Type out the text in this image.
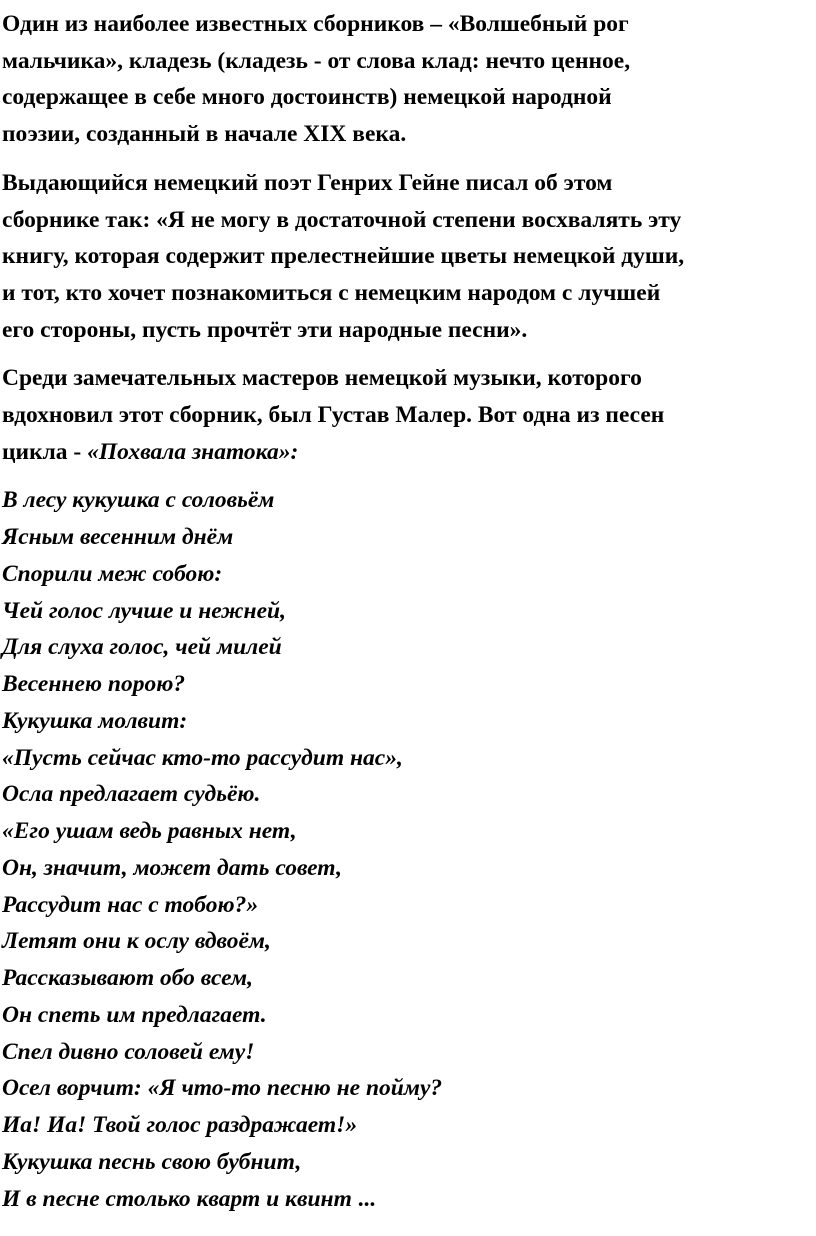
Один из наиболее известных сборников – «Волшебный рог
мальчика», кладезь (кладезь - от слова клад: нечто ценное,
содержащее в себе много достоинств) немецкой народной
поэзии, созданный в начале XIX века.

Выдающийся немецкий поэт Генрих Гейне писал об этом
сборнике так: «Я не могу в достаточной степени восхвалять эту
книгу, которая содержит прелестнейшие цветы немецкой души,
и тот, кто хочет познакомиться с немецким народом с лучшей
его стороны, пусть прочтёт эти народные песни».

Среди замечательных мастеров немецкой музыки, которого
вдохновил этот сборник, был Густав Малер. Вот одна из песен
цикла - «Похвала знатока»:

В лесу кукушка с соловьём
Ясным весенним днём
Спорили меж собою:
Чей голос лучше и нежней,
Для слуха голос, чей милей
Весеннею порою?
Кукушка молвит:
«Пусть сейчас кто-то рассудит нас»,
Осла предлагает судьёю.
«Его ушам ведь равных нет,
Он, значит, может дать совет,
Рассудит нас с тобою?»
Летят они к ослу вдвоём,
Рассказывают обо всем,
Он спеть им предлагает.
Спел дивно соловей ему!
Осел ворчит: «Я что-то песню не пойму?
Иа! Иа! Твой голос раздражает!»
Кукушка песнь свою бубнит,
И в песне столько кварт и квинт ...
